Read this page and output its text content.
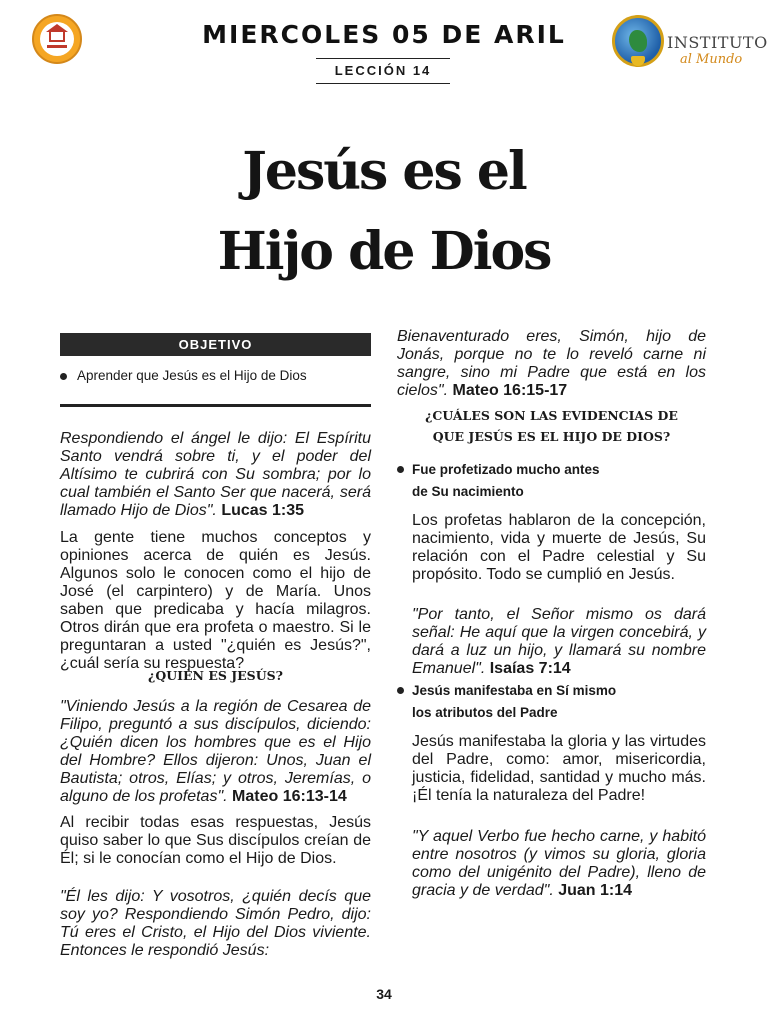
MIERCOLES 05 DE ARIL
LECCIÓN 14
INSTITUTO
al Mundo
Jesús es el
Hijo de Dios
OBJETIVO
Aprender que Jesús es el Hijo de Dios

Respondiendo el ángel le dijo: El Espíritu Santo vendrá sobre ti, y el poder del Altísimo te cubrirá con Su sombra; por lo cual también el Santo Ser que nacerá, será llamado Hijo de Dios". Lucas 1:35

La gente tiene muchos conceptos y opiniones acerca de quién es Jesús. Algunos solo le conocen como el hijo de José (el carpintero) y de María. Unos saben que predicaba y hacía milagros. Otros dirán que era profeta o maestro. Si le preguntaran a usted "¿quién es Jesús?", ¿cuál sería su respuesta?

¿QUIÉN ES JESÚS?

"Viniendo Jesús a la región de Cesarea de Filipo, preguntó a sus discípulos, diciendo: ¿Quién dicen los hombres que es el Hijo del Hombre? Ellos dijeron: Unos, Juan el Bautista; otros, Elías; y otros, Jeremías, o alguno de los profetas". Mateo 16:13-14

Al recibir todas esas respuestas, Jesús quiso saber lo que Sus discípulos creían de Él; si le conocían como el Hijo de Dios.

"Él les dijo: Y vosotros, ¿quién decís que soy yo? Respondiendo Simón Pedro, dijo: Tú eres el Cristo, el Hijo del Dios viviente. Entonces le respondió Jesús:

Bienaventurado eres, Simón, hijo de Jonás, porque no te lo reveló carne ni sangre, sino mi Padre que está en los cielos". Mateo 16:15-17

¿CUÁLES SON LAS EVIDENCIAS DE
QUE JESÚS ES EL HIJO DE DIOS?
Fue profetizado mucho antes
de Su nacimiento

Los profetas hablaron de la concepción, nacimiento, vida y muerte de Jesús, Su relación con el Padre celestial y Su propósito. Todo se cumplió en Jesús.

"Por tanto, el Señor mismo os dará señal: He aquí que la virgen concebirá, y dará a luz un hijo, y llamará su nombre Emanuel". Isaías 7:14

Jesús manifestaba en Sí mismo
los atributos del Padre

Jesús manifestaba la gloria y las virtudes del Padre, como: amor, misericordia, justicia, fidelidad, santidad y mucho más. ¡Él tenía la naturaleza del Padre!

"Y aquel Verbo fue hecho carne, y habitó entre nosotros (y vimos su gloria, gloria como del unigénito del Padre), lleno de gracia y de verdad". Juan 1:14

34
